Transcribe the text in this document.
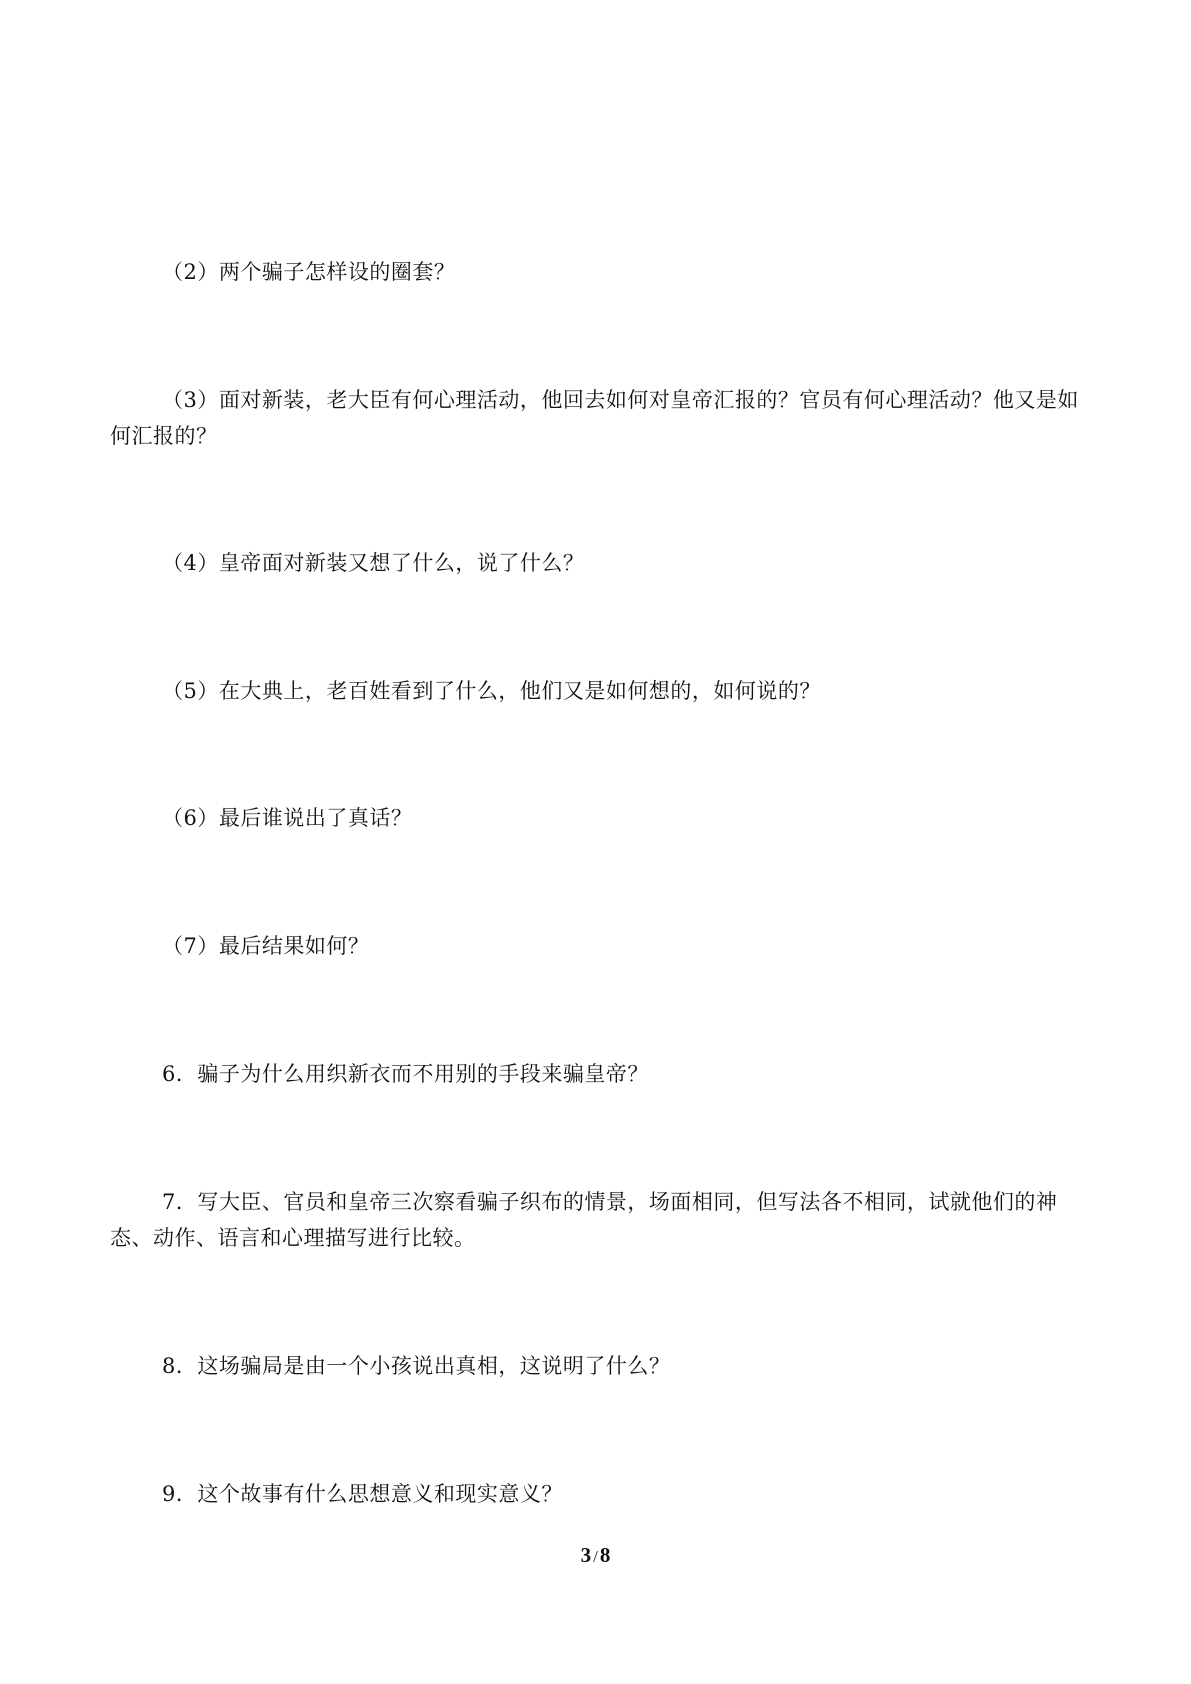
（2）两个骗子怎样设的圈套？

（3）面对新装，老大臣有何心理活动，他回去如何对皇帝汇报的？官员有何心理活动？他又是如何汇报的？

（4）皇帝面对新装又想了什么，说了什么？

（5）在大典上，老百姓看到了什么，他们又是如何想的，如何说的？

（6）最后谁说出了真话？

（7）最后结果如何？

6．骗子为什么用织新衣而不用别的手段来骗皇帝？

7．写大臣、官员和皇帝三次察看骗子织布的情景，场面相同，但写法各不相同，试就他们的神态、动作、语言和心理描写进行比较。

8．这场骗局是由一个小孩说出真相，这说明了什么？

9．这个故事有什么思想意义和现实意义？

3 /8
